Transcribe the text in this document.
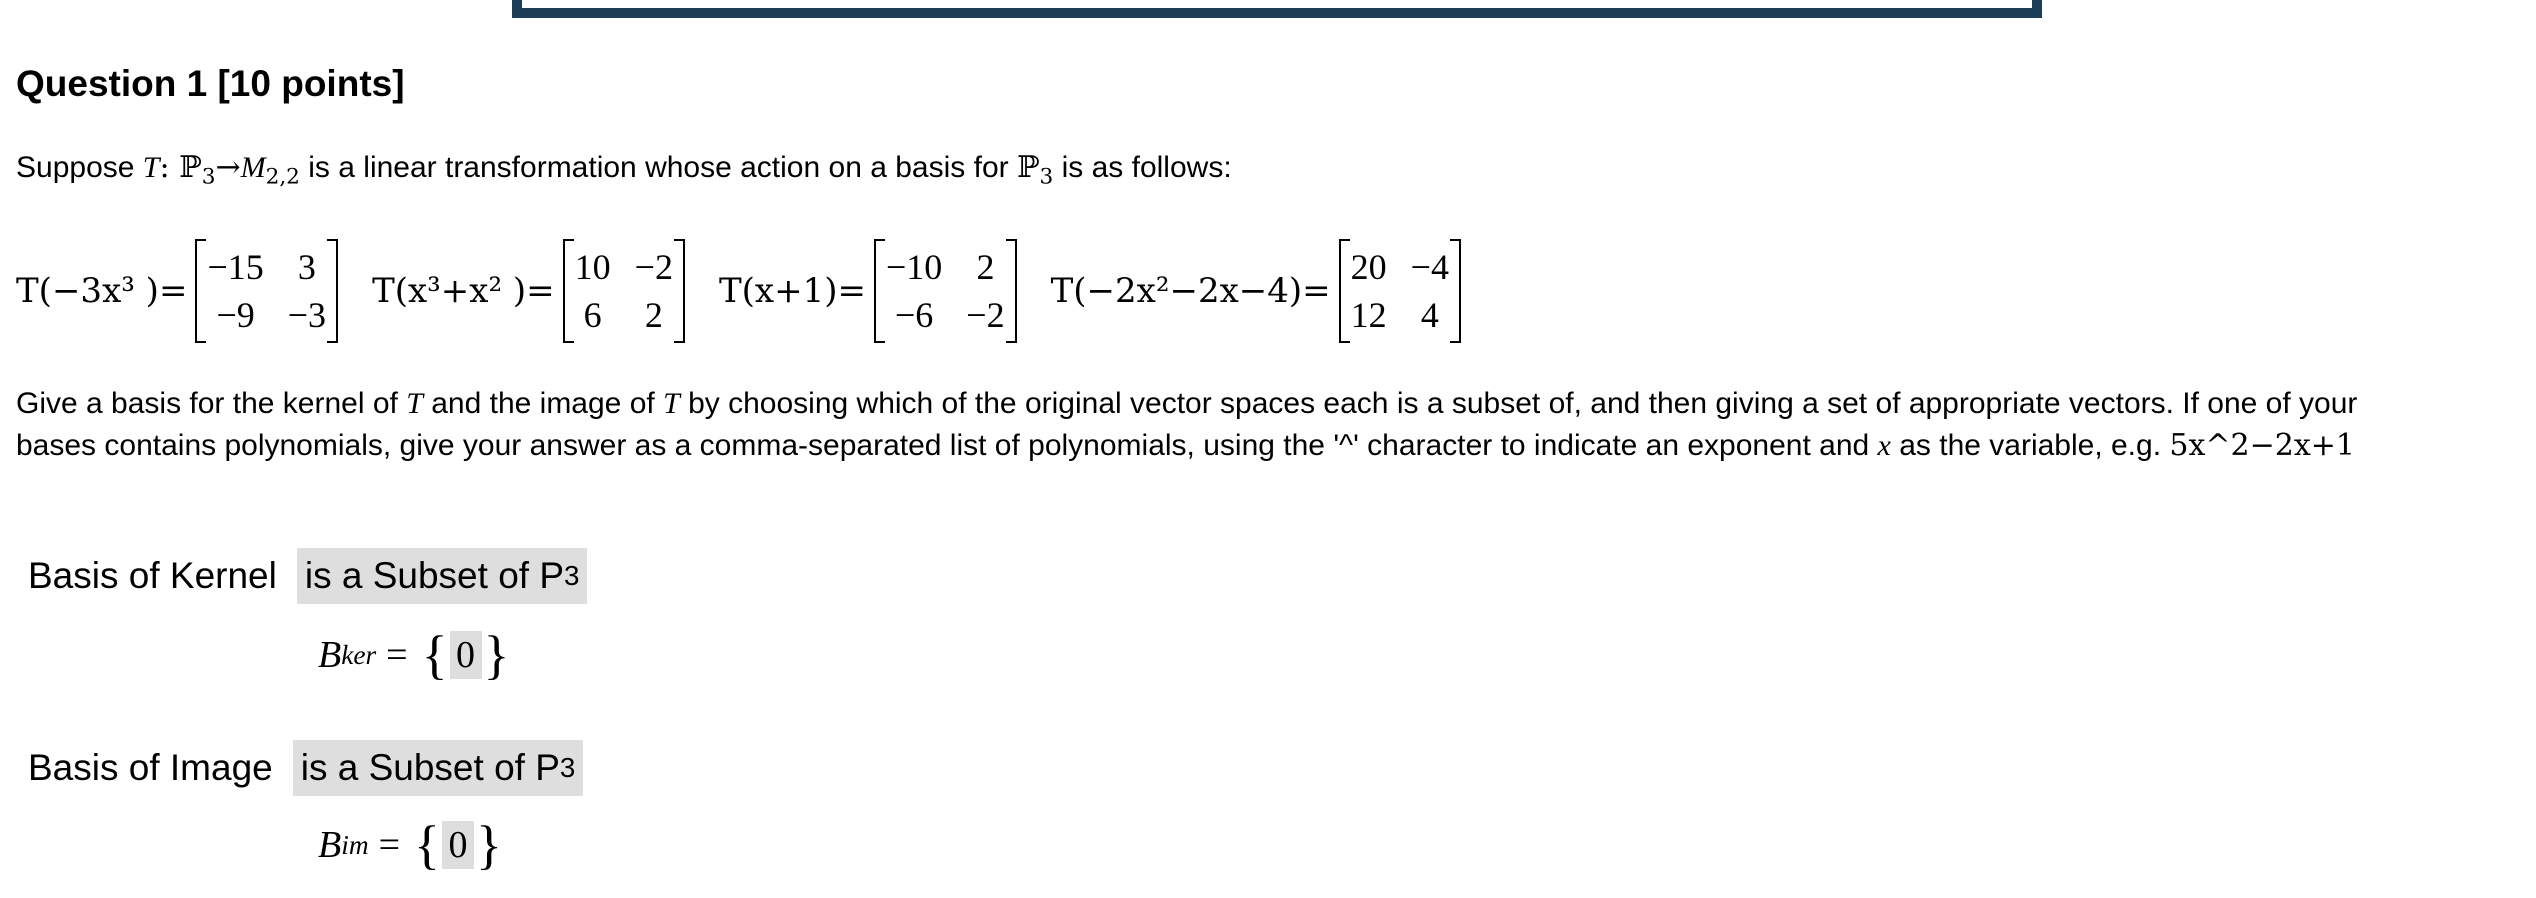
Question 1 [10 points]
Suppose T: $ℙ_3\to M_{2,2}$ is a linear transformation whose action on a basis for ℙ$_3$ is as follows:
T(−3x³ )=
−15 3
−9 −3
T(x³+x² )=
10 −2
6 2
T(x+1)=
−10 2
−6 −2
T(−2x²−2x−4)=
20 −4
12 4
Give a basis for the kernel of T and the image of T by choosing which of the original vector spaces each is a subset of, and then giving a set of appropriate vectors. If one of your
bases contains polynomials, give your answer as a comma-separated list of polynomials, using the '^' character to indicate an exponent and x as the variable, e.g. 5x^2−2x+1
Basis of Kernel is a Subset of P 3
B ker = { 0 }
Basis of Image is a Subset of P 3
B im = { 0 }
